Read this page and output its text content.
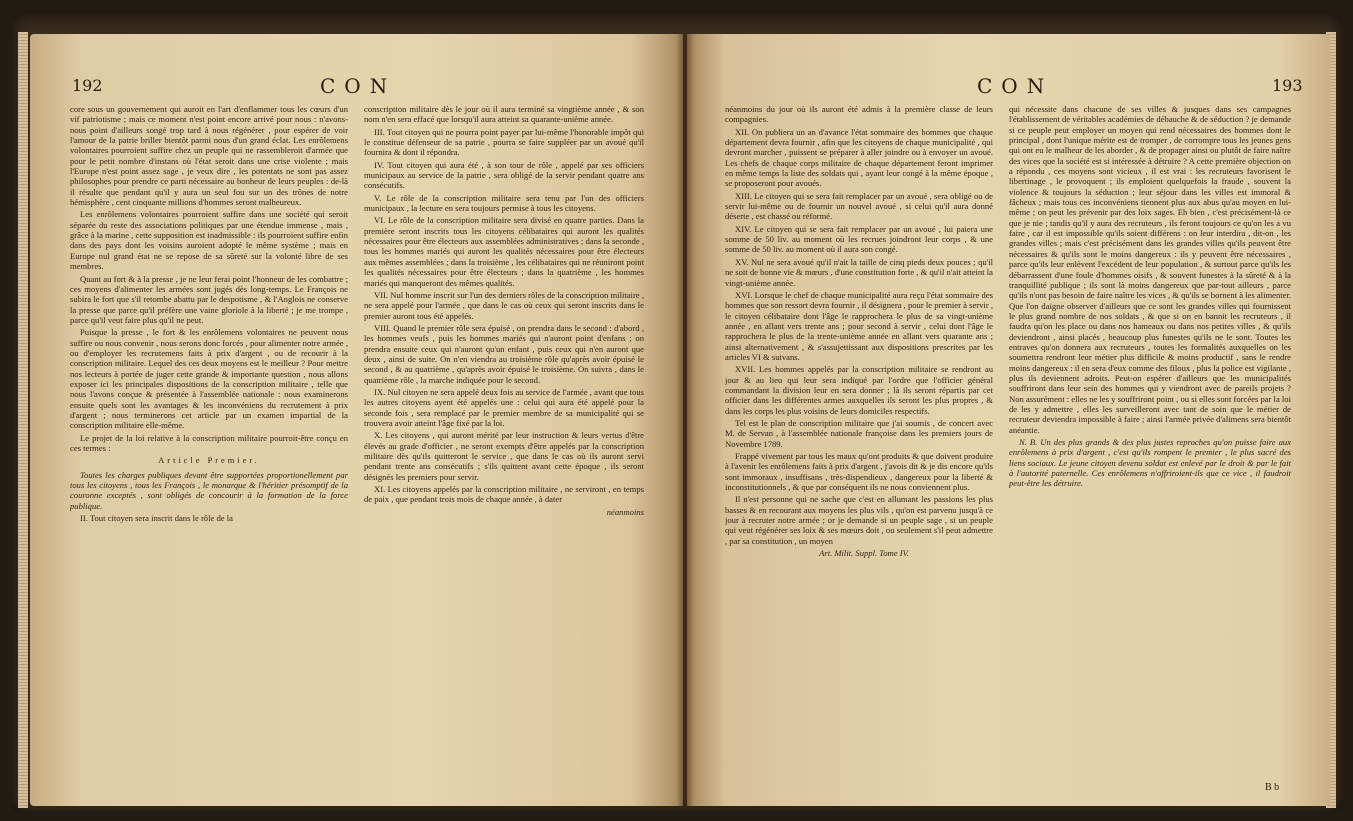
192	CON

core sous un gouvernement qui auroit en l'art d'enflammer tous les cœurs d'un vif patriotisme ; mais ce moment n'est point encore arrivé pour nous : n'avons-nous point d'ailleurs songé trop tard à nous régénérer , pour espérer de voir l'amour de la patrie briller bientôt parmi nous d'un grand éclat. Les enrôlemens volontaires pourroient suffire chez un peuple qui ne rassembleroit d'armée que pour le petit nombre d'instans où l'état seroit dans une crise violente ; mais l'Europe n'est point assez sage , je veux dire , les potentats ne sont pas assez philosophes pour prendre ce parti nécessaire au bonheur de leurs peuples : de-là il résulte que pendant qu'il y aura un seul fou sur un des trônes de notre hémisphère , cent cinquante millions d'hommes seront malheureux.

Les enrôlemens volontaires pourroient suffire dans une société qui seroit séparée du reste des associations politiques par une étendue immense , mais , grâce à la marine , cette supposition est inadmissible : ils pourroient suffire enfin dans des pays dont les voisins auroient adopté le même système ; mais en Europe nul grand état ne se repose de sa sûreté sur la volonté libre de ses membres.

Quant au fort & à la presse , je ne leur ferai point l'honneur de les combattre ; ces moyens d'alimenter les armées sont jugés dès long-temps. Le François ne subira le fort que s'il retombe abattu par le despotisme , & l'Anglois ne conserve la presse que parce qu'il préfère une vaine gloriole à la liberté ; je me trompe , parce qu'il veut faire plus qu'il ne peut.

Puisque la presse , le fort & les enrôlemens volontaires ne peuvent nous suffire ou nous convenir , nous serons donc forcés , pour alimenter notre armée , ou d'employer les recrutemens faits à prix d'argent , ou de recourir à la conscription militaire. Lequel des ces deux moyens est le meilleur ? Pour mettre nos lecteurs à portée de juger cette grande & importante question , nous allons exposer ici les principales dispositions de la conscription militaire , telle que nous l'avons conçue & présentée à l'assemblée nationale : nous examinerons ensuite quels sont les avantages & les inconvéniens du recrutement à prix d'argent ; nous terminerons cet article par un examen impartial de la conscription militaire elle-même.

Le projet de la loi relative à la conscription militaire pourroit-être conçu en ces termes :

Article Premier.

Toutes les charges publiques devant être supportées proportionellement par tous les citoyens , tous les François , le monarque & l'héritier présomptif de la couronne exceptés , sont obligés de concourir à la formation de la force publique.

II. Tout citoyen sera inscrit dans le rôle de la

conscription militaire dès le jour où il aura terminé sa vingtième année , & son nom n'en sera effacé que lorsqu'il aura atteint sa quarante-unième année.

III. Tout citoyen qui ne pourra point payer par lui-même l'honorable impôt qui le constitue défenseur de sa patrie , pourra se faire suppléer par un avoué qu'il fournira & dont il répondra.

IV. Tout citoyen qui aura été , à son tour de rôle , appelé par ses officiers municipaux au service de la patrie , sera obligé de la servir pendant quatre ans consécutifs.

V. Le rôle de la conscription militaire sera tenu par l'un des officiers municipaux , la lecture en sera toujours permise à tous les citoyens.

VI. Le rôle de la conscription militaire sera divisé en quatre parties. Dans la première seront inscrits tous les citoyens célibataires qui auront les qualités nécessaires pour être électeurs aux assemblées administratives ; dans la seconde , tous les hommes mariés qui auront les qualités nécessaires pour être électeurs aux mêmes assemblées ; dans la troisième , les célibataires qui ne réuniront point les qualités nécessaires pour être électeurs ; dans la quatrième , les hommes mariés qui manqueront des mêmes qualités.

VII. Nul homme inscrit sur l'un des derniers rôles de la conscription militaire , ne sera appelé pour l'armée , que dans le cas où ceux qui seront inscrits dans le premier auront tous été appelés.

VIII. Quand le premier rôle sera épuisé , on prendra dans le second : d'abord , les hommes veufs , puis les hommes mariés qui n'auront point d'enfans ; on prendra ensuite ceux qui n'auront qu'un enfant , puis ceux qui n'en auront que deux , ainsi de suite. On n'en viendra au troisième rôle qu'après avoir épuisé le second , & au quatrième , qu'après avoir épuisé le troisième. On suivra , dans le quatrième rôle , la marche indiquée pour le second.

IX. Nul citoyen ne sera appelé deux fois au service de l'armée , avant que tous les autres citoyens ayent été appelés une : celui qui aura été appelé pour la seconde fois , sera remplacé par le premier membre de sa municipalité qui se trouvera avoir atteint l'âge fixé par la loi.

X. Les citoyens , qui auront mérité par leur instruction & leurs vertus d'être élevés au grade d'officier , ne seront exempts d'être appelés par la conscription militaire dès qu'ils quitteront le service , que dans le cas où ils auront servi pendant trente ans consécutifs ; s'ils quittent avant cette époque , ils seront désignés les premiers pour servir.

XI. Les citoyens appelés par la conscription militaire , ne serviront , en temps de paix , que pendant trois mois de chaque année , à dater

néanmoins

CON	193

néanmoins du jour où ils auront été admis à la première classe de leurs compagnies.

XII. On publiera un an d'avance l'état sommaire des hommes que chaque département devra fournir , afin que les citoyens de chaque municipalité , qui devront marcher , puissent se préparer à aller joindre ou à envoyer un avoué. Les chefs de chaque corps militaire de chaque département feront imprimer en même temps la liste des soldats qui , ayant leur congé à la même époque , se proposeront pour avoués.

XIII. Le citoyen qui se sera fait remplacer par un avoué , sera obligé ou de servir lui-même ou de fournir un nouvel avoué , si celui qu'il aura donné déserte , est chassé ou réformé.

XIV. Le citoyen qui se sera fait remplacer par un avoué , lui paiera une somme de 50 liv. au moment où les recrues joindront leur corps , & une somme de 50 liv. au moment où il aura son congé.

XV. Nul ne sera avoué qu'il n'ait la taille de cinq pieds deux pouces ; qu'il ne soit de bonne vie & mœurs , d'une constitution forte , & qu'il n'ait atteint la vingt-unième année.

XVI. Lorsque le chef de chaque municipalité aura reçu l'état sommaire des hommes que son ressort devra fournir , il désignera , pour le premier à servir , le citoyen célibataire dont l'âge le rapprochera le plus de sa vingt-unième année , en allant vers trente ans ; pour second à servir , celui dont l'âge le rapprochera le plus de la trente-unième année en allant vers quarante ans ; ainsi alternativement , & s'assujettissant aux dispositions prescrites par les articles VI & suivans.

XVII. Les hommes appelés par la conscription militaire se rendront au jour & au lieu qui leur sera indiqué par l'ordre que l'officier général commandant la division leur en sera donner ; là ils seront répartis par cet officier dans les différentes armes auxquelles ils seront les plus propres , & dans les corps les plus voisins de leurs domiciles respectifs.

Tel est le plan de conscription militaire que j'ai soumis , de concert avec M. de Servan , à l'assemblée nationale françoise dans les premiers jours de Novembre 1789.

Frappé vivement par tous les maux qu'ont produits & que doivent produire à l'avenir les enrôlemens faits à prix d'argent , j'avois dit & je dis encore qu'ils sont immoraux , insuffisans , très-dispendieux , dangereux pour la liberté & inconstitutionnels , & que par conséquent ils ne nous conviennent plus.

Il n'est personne qui ne sache que c'est en allumant les passions les plus basses & en recourant aux moyens les plus vils , qu'on est parvenu jusqu'à ce jour à recruter notre armée ; or je demande si un peuple sage , si un peuple qui veut régénérer ses loix & ses mœurs doit , ou seulement s'il peut admettre , par sa constitution , un moyen

Art. Milit. Suppl. Tome IV.

qui nécessite dans chacune de ses villes & jusques dans ses campagnes l'établissement de véritables académies de débauche & de séduction ? je demande si ce peuple peut employer un moyen qui rend nécessaires des hommes dont le principal , dont l'unique mérite est de tromper , de corrompre tous les jeunes gens qui ont eu le malheur de les aborder , & de propager ainsi ou plutôt de faire naître des vices que la société est si intéressée à détruire ? A cette première objection on a répondu , ces moyens sont vicieux , il est vrai : les recruteurs favorisent le libertinage , le provoquent ; ils emploient quelquefois la fraude , souvent la violence & toujours la séduction ; leur séjour dans les villes est immoral & fâcheux ; mais tous ces inconvéniens tiennent plus aux abus qu'au moyen en lui-même ; on peut les prévenir par des loix sages. Eh bien , c'est précisément-là ce que je nie ; tandis qu'il y aura des recruteurs , ils feront toujours ce qu'on les a vu faire , car il est impossible qu'ils soient différens : on leur interdira , dit-on , les grandes villes ; mais c'est précisément dans les grandes villes qu'ils peuvent être nécessaires & qu'ils sont le moins dangereux : ils y peuvent être nécessaires , parce qu'ils leur enlèvent l'excédent de leur population , & surtout parce qu'ils les débarrassent d'une foule d'hommes oisifs , & souvent funestes à la sûreté & à la tranquillité publique ; ils sont là moins dangereux que par-tout ailleurs , parce qu'ils n'ont pas besoin de faire naître les vices , & qu'ils se bornent à les alimenter. Que l'on daigne observer d'ailleurs que ce sont les grandes villes qui fournissent le plus grand nombre de nos soldats , & que si on en bannit les recruteurs , il faudra qu'on les place ou dans nos hameaux ou dans nos petites villes , & qu'ils deviendront , ainsi placés , beaucoup plus funestes qu'ils ne le sont. Toutes les entraves qu'on donnera aux recruteurs , toutes les formalités auxquelles on les soumettra rendront leur métier plus difficile & moins productif , sans le rendre moins dangereux : il en sera d'eux comme des filoux , plus la police est vigilante , plus ils deviennent adroits. Peut-on espérer d'ailleurs que les municipalités souffriront dans leur sein des hommes qui y viendront avec de pareils projets ? Non assurément : elles ne les y souffriront point , ou si elles sont forcées par la loi de les y admettre , elles les surveilleront avec tant de soin que le métier de recruteur deviendra impossible à faire ; ainsi l'armée privée d'alimens sera bientôt anéantie.

N. B. Un des plus grands & des plus justes reproches qu'on puisse faire aux enrôlemens à prix d'argent , c'est qu'ils rompent le premier , le plus sacré des liens sociaux. Le jeune citoyen devenu soldat est enlevé par le droit & par le fait à l'autorité paternelle. Ces enrôlemens n'offriroient-ils que ce vice , il faudroit peut-être les détruire.

B b
